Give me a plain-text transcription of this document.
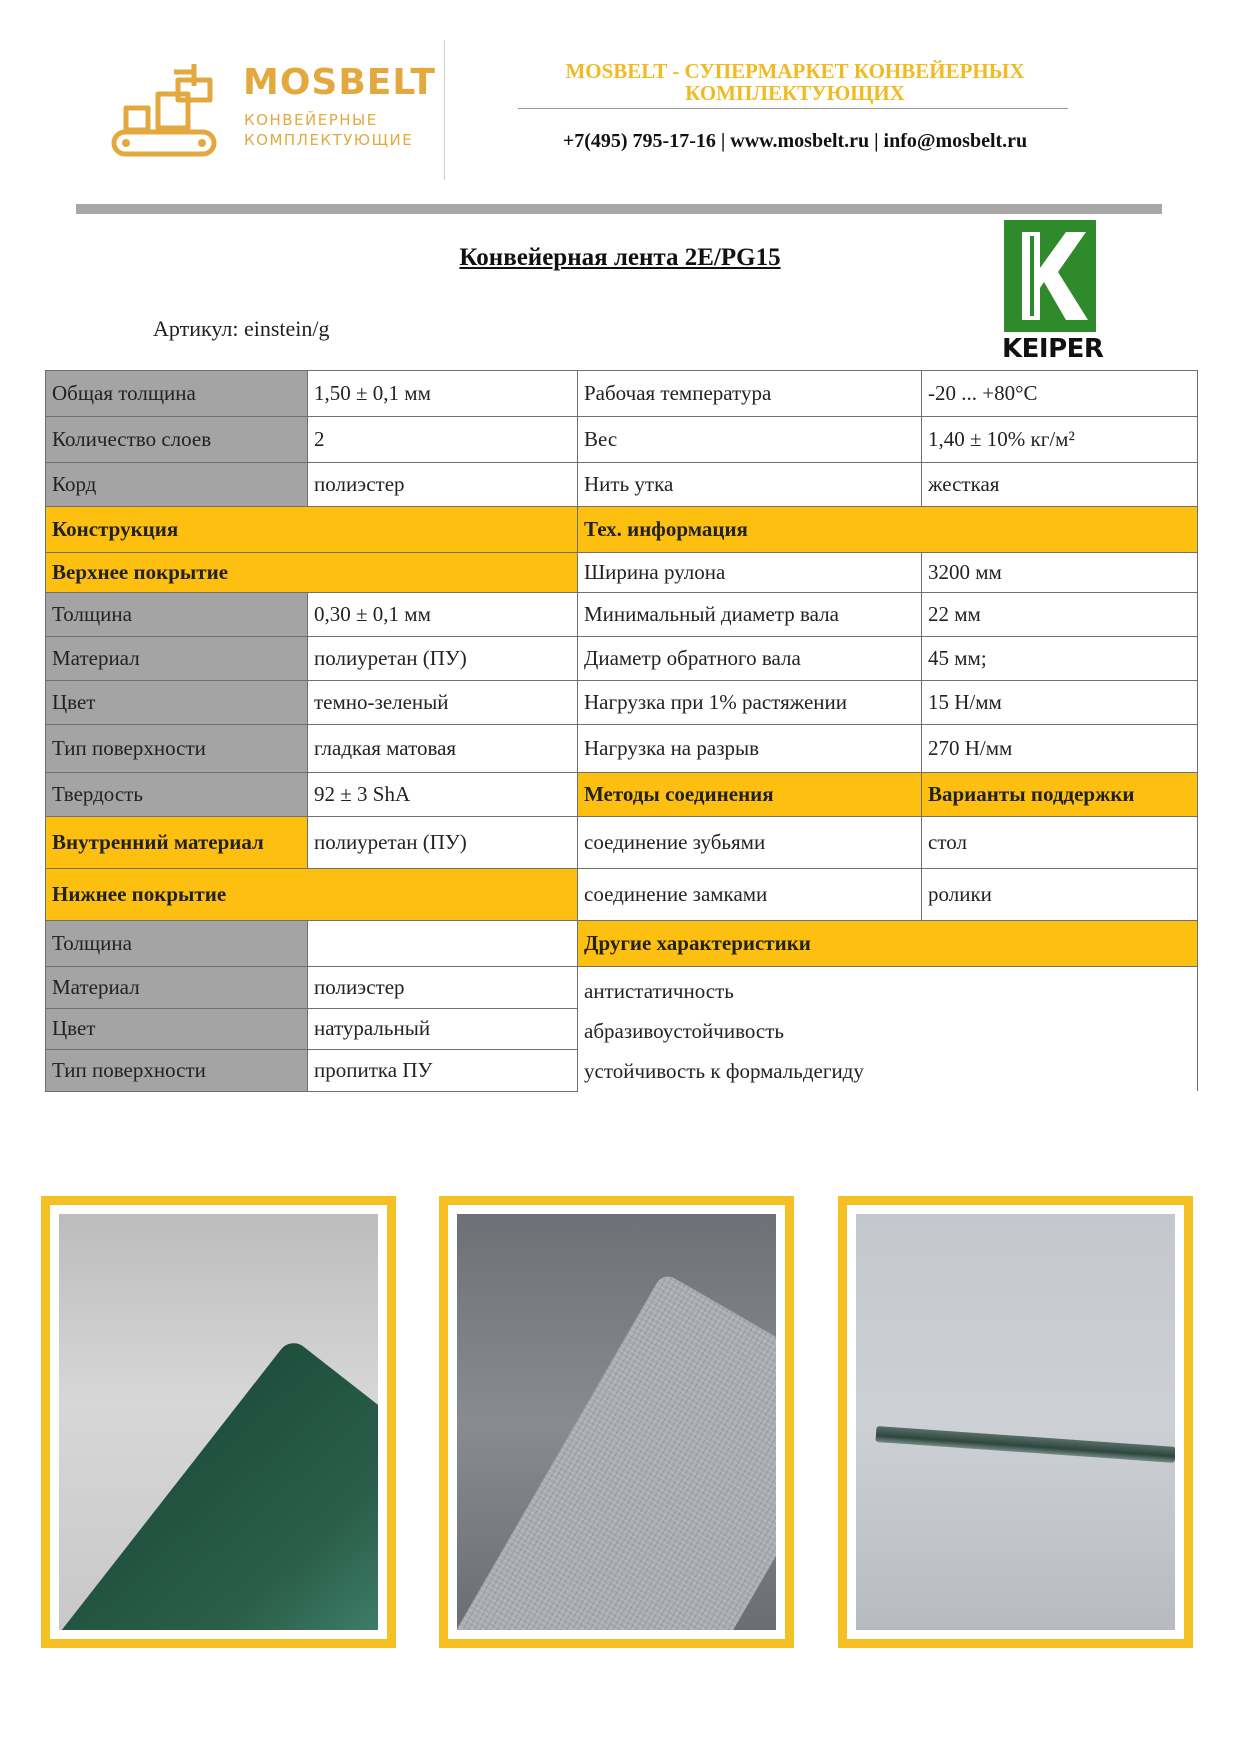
MOSBELT
КОНВЕЙЕРНЫЕ
КОМПЛЕКТУЮЩИЕ
MOSBELT - СУПЕРМАРКЕТ КОНВЕЙЕРНЫХ
КОМПЛЕКТУЮЩИХ
+7(495) 795-17-16 | www.mosbelt.ru | info@mosbelt.ru
Конвейерная лента 2E/PG15
Артикул: einstein/g
KEIPER
Общая толщина	1,50 ± 0,1 мм	Рабочая температура	-20 ... +80°С
Количество слоев	2	Вес	1,40 ± 10% кг/м²
Корд	полиэстер	Нить утка	жесткая
Конструкция		Тех. информация	
Верхнее покрытие		Ширина рулона	3200 мм
Толщина	0,30 ± 0,1 мм	Минимальный диаметр вала	22 мм
Материал	полиуретан (ПУ)	Диаметр обратного вала	45 мм;
Цвет	темно-зеленый	Нагрузка при 1% растяжении	15 Н/мм
Тип поверхности	гладкая матовая	Нагрузка на разрыв	270 Н/мм
Твердость	92 ± 3 ShA	Методы соединения	Варианты поддержки
Внутренний материал	полиуретан (ПУ)	соединение зубьями	стол
Нижнее покрытие		соединение замками	ролики
Толщина		Другие характеристики	
Материал	полиэстер	антистатичность
абразивоустойчивость
устойчивость к формальдегиду	

Цвет	натуральный		
Тип поверхности	пропитка ПУ		
